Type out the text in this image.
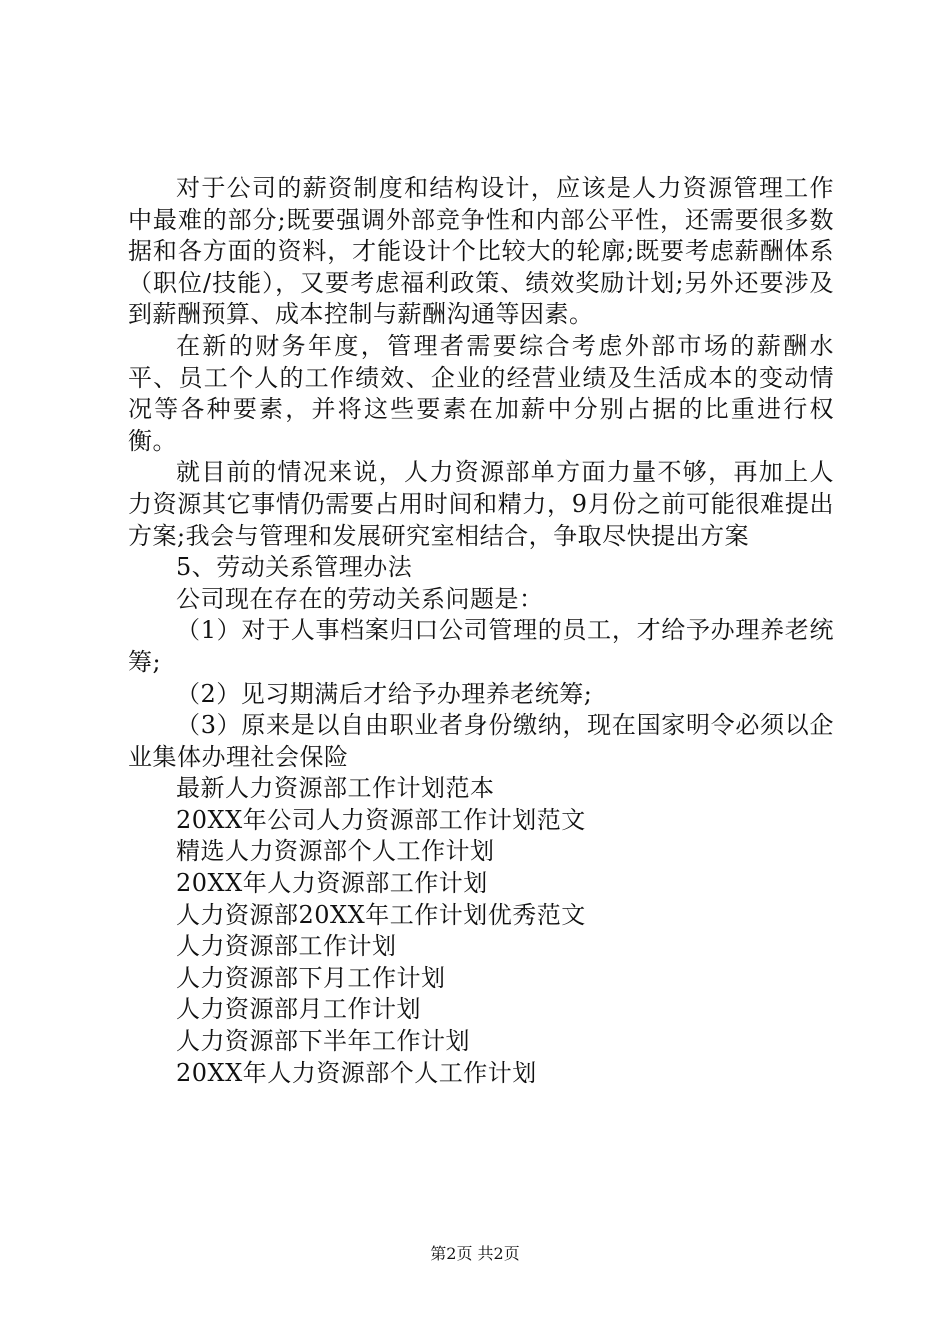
对于公司的薪资制度和结构设计，应该是人力资源管理工作中最难的部分;既要强调外部竞争性和内部公平性，还需要很多数据和各方面的资料，才能设计个比较大的轮廓;既要考虑薪酬体系（职位/技能），又要考虑福利政策、绩效奖励计划;另外还要涉及到薪酬预算、成本控制与薪酬沟通等因素。

在新的财务年度，管理者需要综合考虑外部市场的薪酬水平、员工个人的工作绩效、企业的经营业绩及生活成本的变动情况等各种要素，并将这些要素在加薪中分别占据的比重进行权衡。

就目前的情况来说，人力资源部单方面力量不够，再加上人力资源其它事情仍需要占用时间和精力，9月份之前可能很难提出方案;我会与管理和发展研究室相结合，争取尽快提出方案

5、劳动关系管理办法

公司现在存在的劳动关系问题是：

（1）对于人事档案归口公司管理的员工，才给予办理养老统筹;

（2）见习期满后才给予办理养老统筹;

（3）原来是以自由职业者身份缴纳，现在国家明令必须以企业集体办理社会保险

最新人力资源部工作计划范本
20XX年公司人力资源部工作计划范文
精选人力资源部个人工作计划
20XX年人力资源部工作计划
人力资源部20XX年工作计划优秀范文
人力资源部工作计划
人力资源部下月工作计划
人力资源部月工作计划
人力资源部下半年工作计划
20XX年人力资源部个人工作计划
第2页 共2页
